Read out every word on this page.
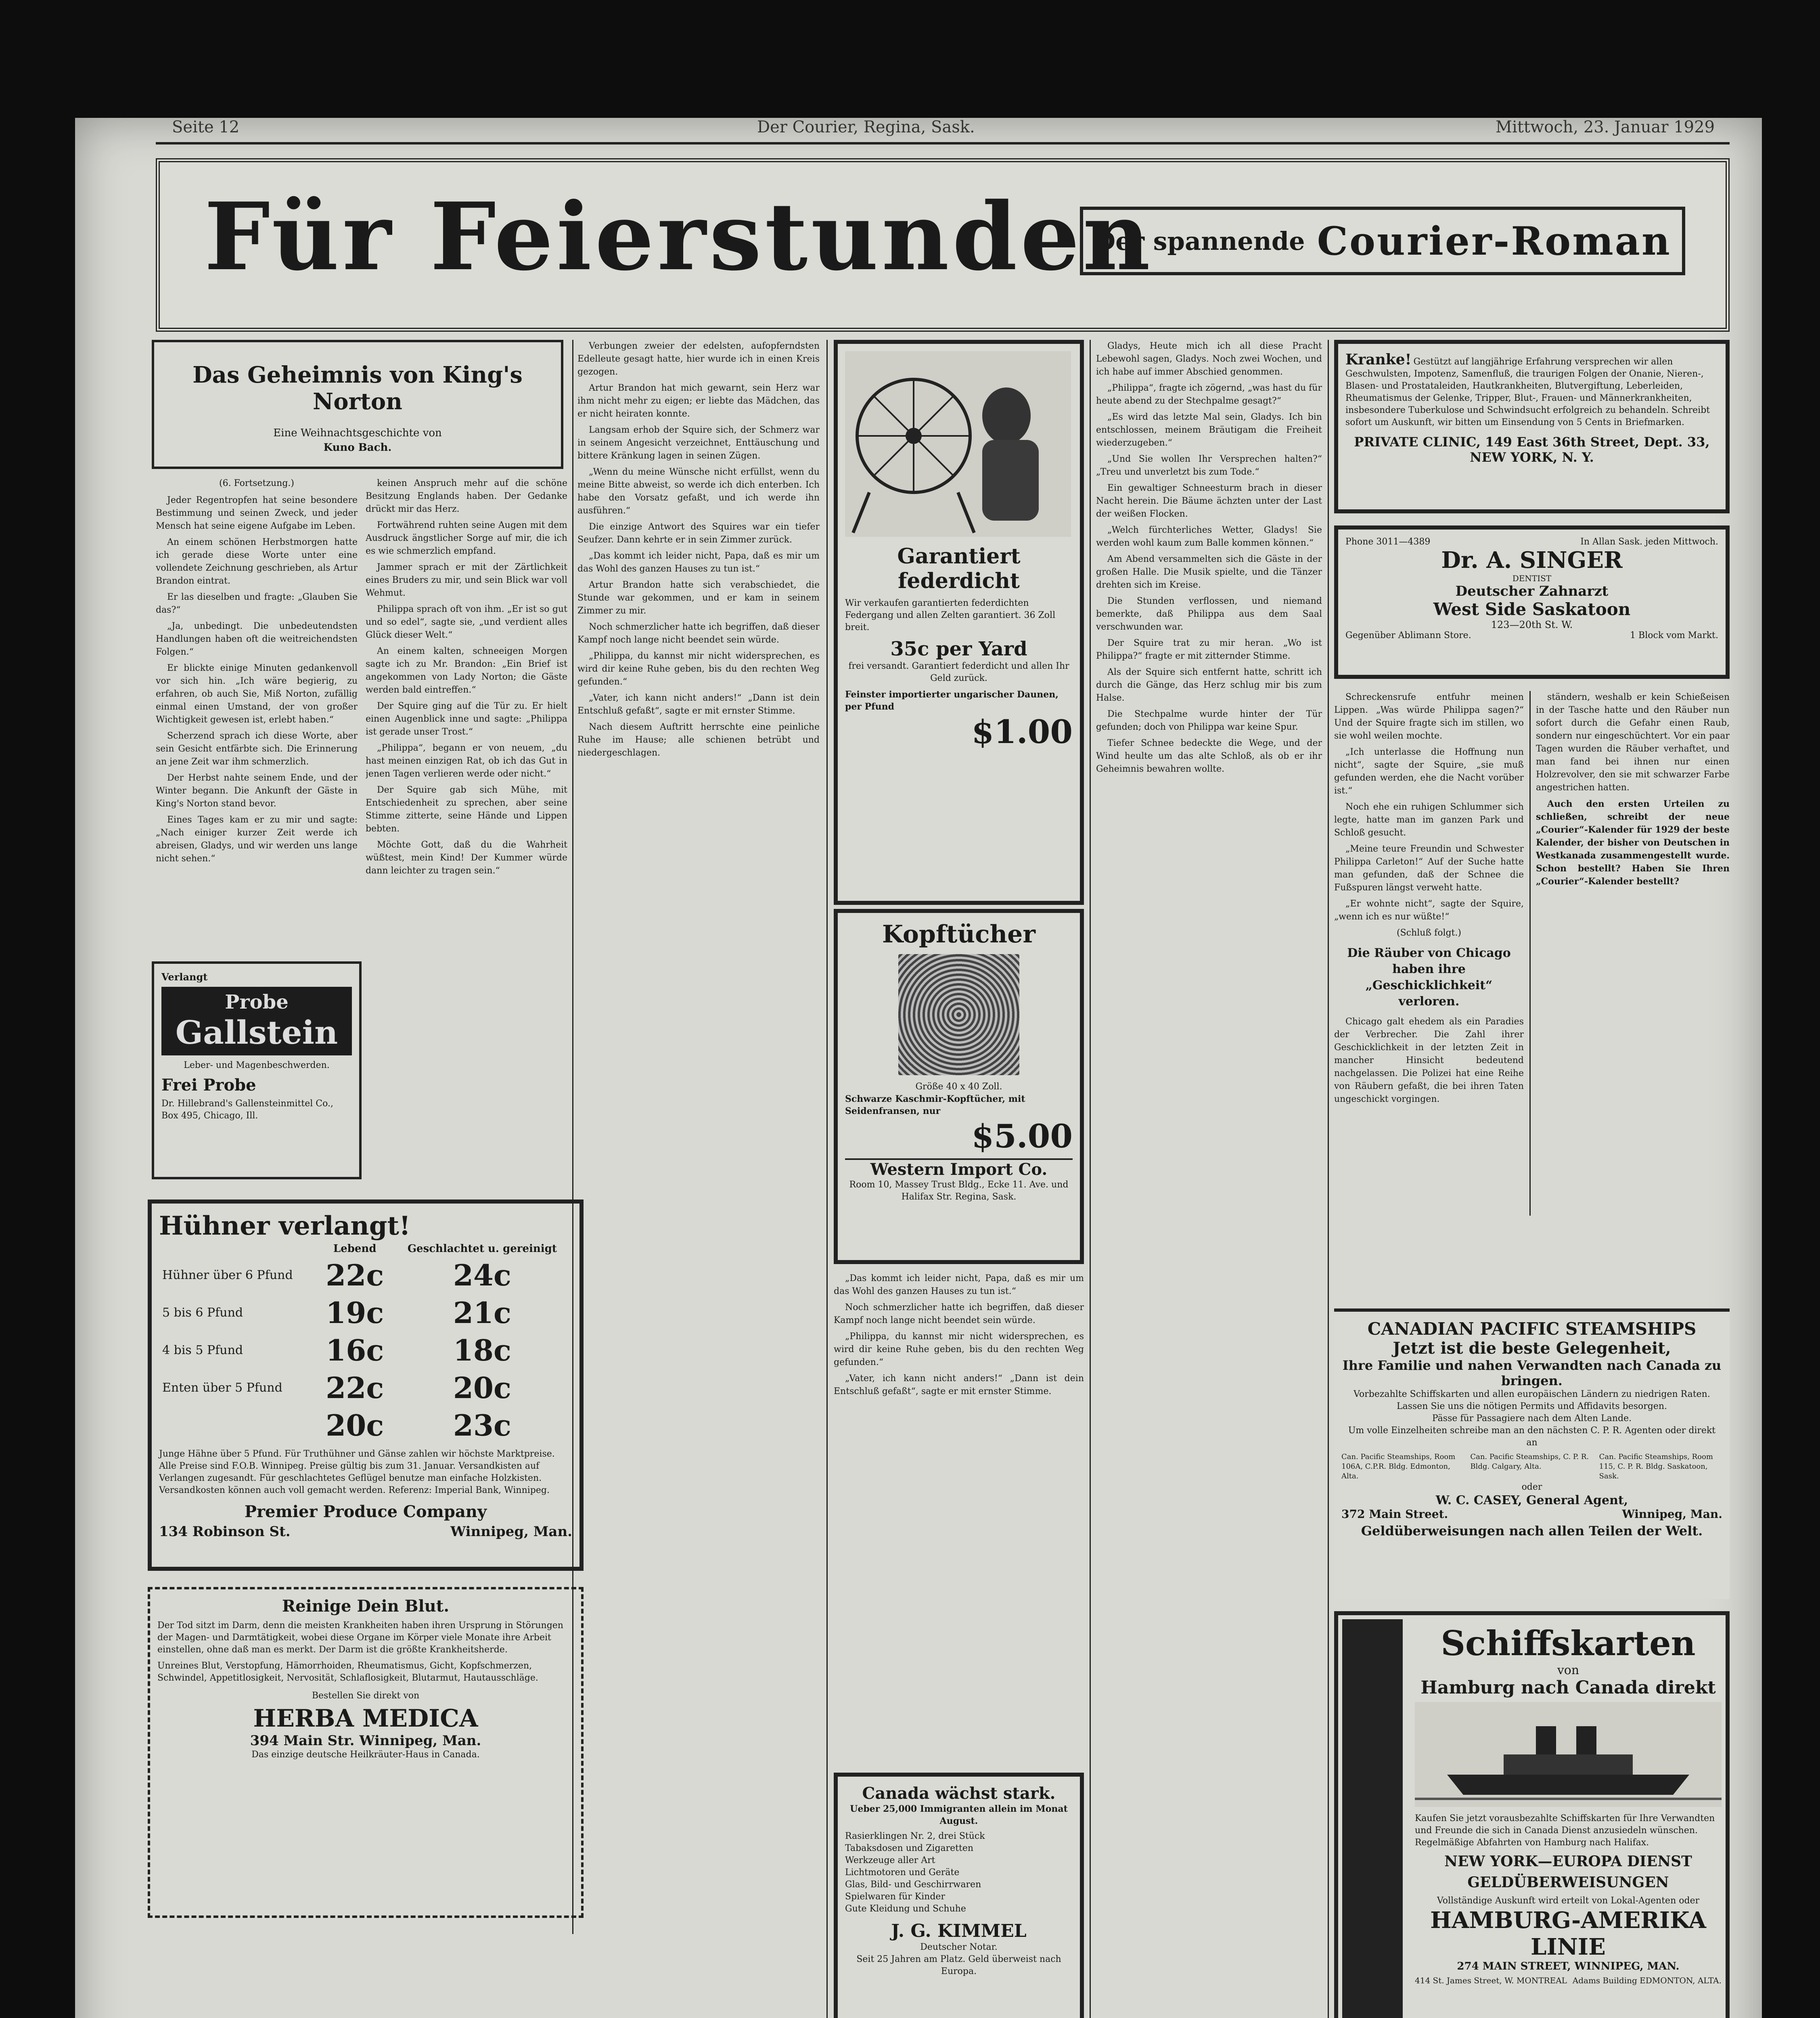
Seite 12	Der Courier, Regina, Sask.	Mittwoch, 23. Januar 1929
Für Feierstunden
Der spannende Courier-Roman
Das Geheimnis von King's Norton
Eine Weihnachtsgeschichte von
Kuno Bach.
(6. Fortsetzung.)

Jeder Regentropfen hat seine besondere Bestimmung und seinen Zweck, und jeder Mensch hat seine eigene Aufgabe im Leben.

An einem schönen Herbstmorgen hatte ich gerade diese Worte unter eine vollendete Zeichnung geschrieben, als Artur Brandon eintrat.

Er las dieselben und fragte: „Glauben Sie das?“

„Ja, unbedingt. Die unbedeutendsten Handlungen haben oft die weitreichendsten Folgen.“

Er blickte einige Minuten gedankenvoll vor sich hin. „Ich wäre begierig, zu erfahren, ob auch Sie, Miß Norton, zufällig einmal einen Umstand, der von großer Wichtigkeit gewesen ist, erlebt haben.“

Scherzend sprach ich diese Worte, aber sein Gesicht entfärbte sich. Die Erinnerung an jene Zeit war ihm schmerzlich.

Der Herbst nahte seinem Ende, und der Winter begann. Die Ankunft der Gäste in King's Norton stand bevor.

Eines Tages kam er zu mir und sagte: „Nach einiger kurzer Zeit werde ich abreisen, Gladys, und wir werden uns lange nicht sehen.“

keinen Anspruch mehr auf die schöne Besitzung Englands haben. Der Gedanke drückt mir das Herz.

Fortwährend ruhten seine Augen mit dem Ausdruck ängstlicher Sorge auf mir, die ich es wie schmerzlich empfand.

Jammer sprach er mit der Zärtlichkeit eines Bruders zu mir, und sein Blick war voll Wehmut.

Philippa sprach oft von ihm. „Er ist so gut und so edel“, sagte sie, „und verdient alles Glück dieser Welt.“

An einem kalten, schneeigen Morgen sagte ich zu Mr. Brandon: „Ein Brief ist angekommen von Lady Norton; die Gäste werden bald eintreffen.“

Der Squire ging auf die Tür zu. Er hielt einen Augenblick inne und sagte: „Philippa ist gerade unser Trost.“

„Philippa“, begann er von neuem, „du hast meinen einzigen Rat, ob ich das Gut in jenen Tagen verlieren werde oder nicht.“

Der Squire gab sich Mühe, mit Entschiedenheit zu sprechen, aber seine Stimme zitterte, seine Hände und Lippen bebten.

Möchte Gott, daß du die Wahrheit wüßtest, mein Kind! Der Kummer würde dann leichter zu tragen sein.“

Verlangt
Probe
Gallstein
Leber- und Magenbeschwerden.
Frei Probe
Dr. Hillebrand's Gallensteinmittel Co., Box 495, Chicago, Ill.
Hühner verlangt!
	Lebend	Geschlachtet u. gereinigt
Hühner über 6 Pfund	22c	24c
5 bis 6 Pfund	19c	21c
4 bis 5 Pfund	16c	18c
Enten über 5 Pfund	22c	20c
	20c	23c
Junge Hähne über 5 Pfund. Für Truthühner und Gänse zahlen wir höchste Marktpreise. Alle Preise sind F.O.B. Winnipeg. Preise gültig bis zum 31. Januar. Versandkisten auf Verlangen zugesandt. Für geschlachtetes Geflügel benutze man einfache Holzkisten. Versandkosten können auch voll gemacht werden. Referenz: Imperial Bank, Winnipeg.
Premier Produce Company
134 Robinson St.	Winnipeg, Man.
Reinige Dein Blut.
Der Tod sitzt im Darm, denn die meisten Krankheiten haben ihren Ursprung in Störungen der Magen- und Darmtätigkeit, wobei diese Organe im Körper viele Monate ihre Arbeit einstellen, ohne daß man es merkt. Der Darm ist die größte Krankheitsherde.
Unreines Blut, Verstopfung, Hämorrhoiden, Rheumatismus, Gicht, Kopfschmerzen, Schwindel, Appetitlosigkeit, Nervosität, Schlaflosigkeit, Blutarmut, Hautausschläge.
Bestellen Sie direkt von
HERBA MEDICA
394 Main Str. Winnipeg, Man.
Das einzige deutsche Heilkräuter-Haus in Canada.

Verbungen zweier der edelsten, aufopferndsten Edelleute gesagt hatte, hier wurde ich in einen Kreis gezogen.

Artur Brandon hat mich gewarnt, sein Herz war ihm nicht mehr zu eigen; er liebte das Mädchen, das er nicht heiraten konnte.

Langsam erhob der Squire sich, der Schmerz war in seinem Angesicht verzeichnet, Enttäuschung und bittere Kränkung lagen in seinen Zügen.

„Wenn du meine Wünsche nicht erfüllst, wenn du meine Bitte abweist, so werde ich dich enterben. Ich habe den Vorsatz gefaßt, und ich werde ihn ausführen.“

Die einzige Antwort des Squires war ein tiefer Seufzer. Dann kehrte er in sein Zimmer zurück.

„Das kommt ich leider nicht, Papa, daß es mir um das Wohl des ganzen Hauses zu tun ist.“

Artur Brandon hatte sich verabschiedet, die Stunde war gekommen, und er kam in seinem Zimmer zu mir.

Noch schmerzlicher hatte ich begriffen, daß dieser Kampf noch lange nicht beendet sein würde.

„Philippa, du kannst mir nicht widersprechen, es wird dir keine Ruhe geben, bis du den rechten Weg gefunden.“

„Vater, ich kann nicht anders!“ „Dann ist dein Entschluß gefaßt“, sagte er mit ernster Stimme.

Nach diesem Auftritt herrschte eine peinliche Ruhe im Hause; alle schienen betrübt und niedergeschlagen.

Garantiert
federdicht
Wir verkaufen garantierten federdichten Federgang und allen Zelten garantiert. 36 Zoll breit.
35c per Yard
frei versandt. Garantiert federdicht und allen Ihr Geld zurück.
Feinster importierter ungarischer Daunen, per Pfund
$1.00
Kopftücher
Größe 40 x 40 Zoll.
Schwarze Kaschmir-Kopftücher, mit Seidenfransen, nur
$5.00
Western Import Co.
Room 10, Massey Trust Bldg., Ecke 11. Ave. und Halifax Str. Regina, Sask.

„Das kommt ich leider nicht, Papa, daß es mir um das Wohl des ganzen Hauses zu tun ist.“

Noch schmerzlicher hatte ich begriffen, daß dieser Kampf noch lange nicht beendet sein würde.

„Philippa, du kannst mir nicht widersprechen, es wird dir keine Ruhe geben, bis du den rechten Weg gefunden.“

„Vater, ich kann nicht anders!“ „Dann ist dein Entschluß gefaßt“, sagte er mit ernster Stimme.

Canada wächst stark.
Ueber 25,000 Immigranten allein im Monat August.
Rasierklingen Nr. 2, drei Stück
Tabaksdosen und Zigaretten
Werkzeuge aller Art
Lichtmotoren und Geräte
Glas, Bild- und Geschirrwaren
Spielwaren für Kinder
Gute Kleidung und Schuhe
J. G. KIMMEL
Deutscher Notar.
Seit 25 Jahren am Platz. Geld überweist nach Europa.

Gladys, Heute mich ich all diese Pracht Lebewohl sagen, Gladys. Noch zwei Wochen, und ich habe auf immer Abschied genommen.

„Philippa“, fragte ich zögernd, „was hast du für heute abend zu der Stechpalme gesagt?“

„Es wird das letzte Mal sein, Gladys. Ich bin entschlossen, meinem Bräutigam die Freiheit wiederzugeben.“

„Und Sie wollen Ihr Versprechen halten?“ „Treu und unverletzt bis zum Tode.“

Ein gewaltiger Schneesturm brach in dieser Nacht herein. Die Bäume ächzten unter der Last der weißen Flocken.

„Welch fürchterliches Wetter, Gladys! Sie werden wohl kaum zum Balle kommen können.“

Am Abend versammelten sich die Gäste in der großen Halle. Die Musik spielte, und die Tänzer drehten sich im Kreise.

Die Stunden verflossen, und niemand bemerkte, daß Philippa aus dem Saal verschwunden war.

Der Squire trat zu mir heran. „Wo ist Philippa?“ fragte er mit zitternder Stimme.

Als der Squire sich entfernt hatte, schritt ich durch die Gänge, das Herz schlug mir bis zum Halse.

Die Stechpalme wurde hinter der Tür gefunden; doch von Philippa war keine Spur.

Tiefer Schnee bedeckte die Wege, und der Wind heulte um das alte Schloß, als ob er ihr Geheimnis bewahren wollte.

Kranke! Gestützt auf langjährige Erfahrung versprechen wir allen Geschwulsten, Impotenz, Samenfluß, die traurigen Folgen der Onanie, Nieren-, Blasen- und Prostataleiden, Hautkrankheiten, Blutvergiftung, Leberleiden, Rheumatismus der Gelenke, Tripper, Blut-, Frauen- und Männerkrankheiten, insbesondere Tuberkulose und Schwindsucht erfolgreich zu behandeln. Schreibt sofort um Auskunft, wir bitten um Einsendung von 5 Cents in Briefmarken.
PRIVATE CLINIC, 149 East 36th Street, Dept. 33,
NEW YORK, N. Y.
Phone 3011—4389	In Allan Sask. jeden Mittwoch.
Dr. A. SINGER
DENTIST
Deutscher Zahnarzt
West Side Saskatoon
123—20th St. W.
Gegenüber Ablimann Store.	1 Block vom Markt.

Schreckensrufe entfuhr meinen Lippen. „Was würde Philippa sagen?“ Und der Squire fragte sich im stillen, wo sie wohl weilen mochte.

„Ich unterlasse die Hoffnung nun nicht“, sagte der Squire, „sie muß gefunden werden, ehe die Nacht vorüber ist.“

Noch ehe ein ruhigen Schlummer sich legte, hatte man im ganzen Park und Schloß gesucht.

„Meine teure Freundin und Schwester Philippa Carleton!“ Auf der Suche hatte man gefunden, daß der Schnee die Fußspuren längst verweht hatte.

„Er wohnte nicht“, sagte der Squire, „wenn ich es nur wüßte!“

(Schluß folgt.)
Die Räuber von Chicago haben ihre „Geschicklichkeit“ verloren.

Chicago galt ehedem als ein Paradies der Verbrecher. Die Zahl ihrer Geschicklichkeit in der letzten Zeit in mancher Hinsicht bedeutend nachgelassen. Die Polizei hat eine Reihe von Räubern gefaßt, die bei ihren Taten ungeschickt vorgingen.

ständern, weshalb er kein Schießeisen in der Tasche hatte und den Räuber nun sofort durch die Gefahr einen Raub, sondern nur eingeschüchtert. Vor ein paar Tagen wurden die Räuber verhaftet, und man fand bei ihnen nur einen Holzrevolver, den sie mit schwarzer Farbe angestrichen hatten.

Auch den ersten Urteilen zu schließen, schreibt der neue „Courier“-Kalender für 1929 der beste Kalender, der bisher von Deutschen in Westkanada zusammengestellt wurde. Schon bestellt? Haben Sie Ihren „Courier“-Kalender bestellt?

CANADIAN PACIFIC STEAMSHIPS
Jetzt ist die beste Gelegenheit,
Ihre Familie und nahen Verwandten nach Canada zu bringen.
Vorbezahlte Schiffskarten und allen europäischen Ländern zu niedrigen Raten.
Lassen Sie uns die nötigen Permits und Affidavits besorgen.
Pässe für Passagiere nach dem Alten Lande.
Um volle Einzelheiten schreibe man an den nächsten C. P. R. Agenten oder direkt an
Can. Pacific Steamships, Room 106A, C.P.R. Bldg. Edmonton, Alta.
Can. Pacific Steamships, C. P. R. Bldg. Calgary, Alta.
Can. Pacific Steamships, Room 115, C. P. R. Bldg. Saskatoon, Sask.
oder
W. C. CASEY, General Agent,
372 Main Street.	Winnipeg, Man.
Geldüberweisungen nach allen Teilen der Welt.
Schiffskarten
von
Hamburg nach Canada direkt
Kaufen Sie jetzt vorausbezahlte Schiffskarten für Ihre Verwandten und Freunde die sich in Canada Dienst anzusiedeln wünschen. Regelmäßige Abfahrten von Hamburg nach Halifax.
NEW YORK—EUROPA DIENST
GELDÜBERWEISUNGEN
Vollständige Auskunft wird erteilt von Lokal-Agenten oder
HAMBURG-AMERIKA LINIE
274 MAIN STREET, WINNIPEG, MAN.
414 St. James Street, W. MONTREAL Adams Building EDMONTON, ALTA.
